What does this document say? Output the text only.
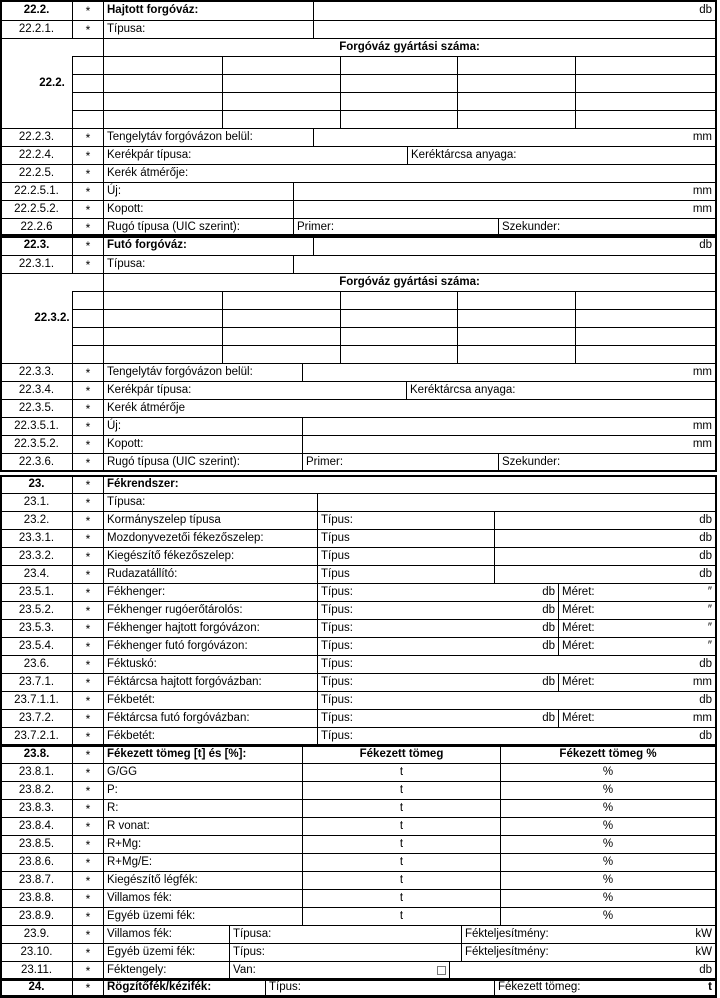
22.2.	* Hajtott forgóváz:	db
22.2.1.	* Típusa:
22.2.
Forgóváz gyártási száma:
22.2.3.	* Tengelytáv forgóvázon belül:	mm
22.2.4.	* Kerékpár típusa:	Keréktárcsa anyaga:
22.2.5.	* Kerék átmérője:
22.2.5.1. * Új:	mm
22.2.5.2. * Kopott:	mm
22.2.6	* Rugó típusa (UIC szerint):	Primer:	Szekunder:
22.3.	* Futó forgóváz:	db
22.3.1.	* Típusa:
22.3.2.
Forgóváz gyártási száma:
22.3.3.	* Tengelytáv forgóvázon belül:	mm
22.3.4.	* Kerékpár típusa:	Keréktárcsa anyaga:
22.3.5.	* Kerék átmérője
22.3.5.1. * Új:	mm
22.3.5.2. * Kopott:	mm
22.3.6.	* Rugó típusa (UIC szerint):	Primer:	Szekunder:
23.	* Fékrendszer:
23.1.	* Típusa:
23.2.	* Kormányszelep típusa	Típus:	db
23.3.1.	* Mozdonyvezetői fékezőszelep:	Típus	db
23.3.2.	* Kiegészítő fékezőszelep:	Típus	db
23.4.	* Rudazatállító:	Típus	db
23.5.1.	* Fékhenger:	Típus:	db Méret:	″
23.5.2.	* Fékhenger rugóerőtárolós:	Típus:	db Méret:	″
23.5.3.	* Fékhenger hajtott forgóvázon:	Típus:	db Méret:	″
23.5.4.	* Fékhenger futó forgóvázon:	Típus:	db Méret:	″
23.6.	* Féktuskó:	Típus:	db
23.7.1.	* Féktárcsa hajtott forgóvázban:	Típus:	db Méret:	mm
23.7.1.1. * Fékbetét:	Típus:	db
23.7.2.	* Féktárcsa futó forgóvázban:	Típus:	db Méret:	mm
23.7.2.1. * Fékbetét:	Típus:	db
23.8.	* Fékezett tömeg [t] és [%]:	Fékezett tömeg	Fékezett tömeg %
23.8.1.	* G/GG	t	%
23.8.2.	* P:	t	%
23.8.3.	* R:	t	%
23.8.4.	* R vonat:	t	%
23.8.5.	* R+Mg:	t	%
23.8.6.	* R+Mg/E:	t	%
23.8.7.	* Kiegészítő légfék:	t	%
23.8.8.	* Villamos fék:	t	%
23.8.9.	* Egyéb üzemi fék:	t	%
23.9.	* Villamos fék:	Típusa:	Fékteljesítmény:	kW
23.10.	* Egyéb üzemi fék:	Típus:	Fékteljesítmény:	kW
23.11.	* Féktengely:	Van:	db
24.	* Rögzítőfék/kézifék:	Típus:	Fékezett tömeg:	t
